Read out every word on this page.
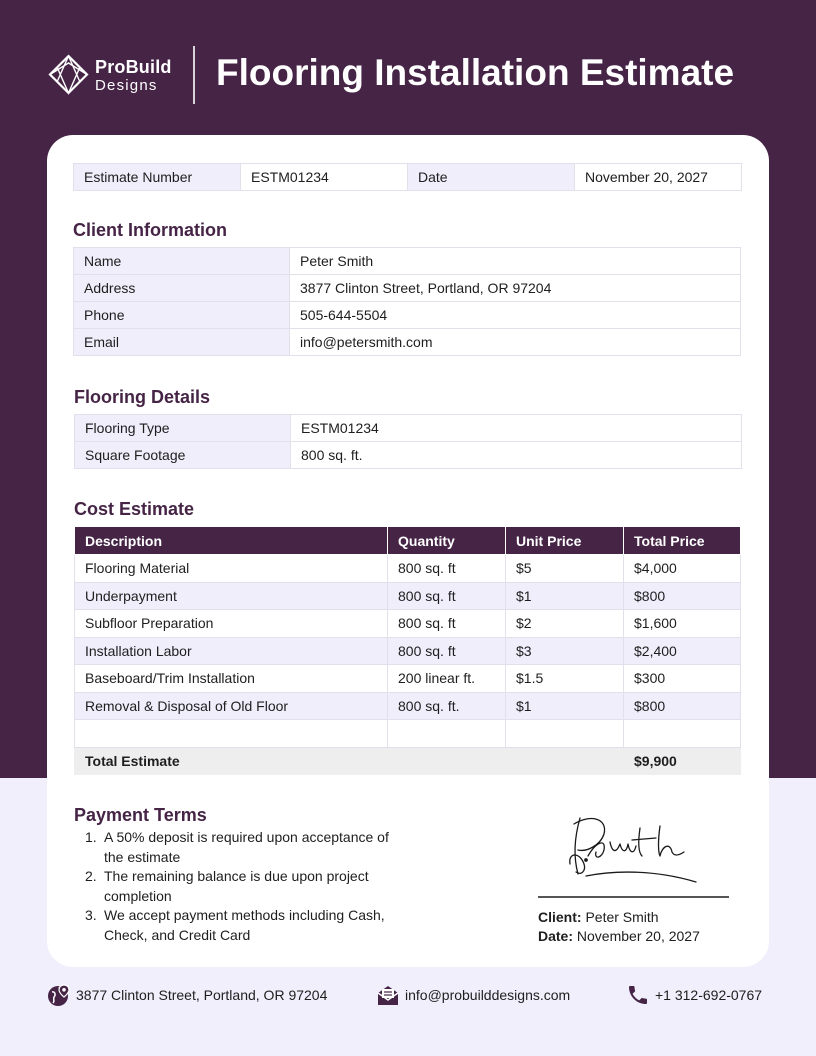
ProBuild
Designs Flooring Installation Estimate
Estimate Number	ESTM01234	Date	November 20, 2027
Client Information
Name	Peter Smith
Address	3877 Clinton Street, Portland, OR 97204
Phone	505-644-5504
Email	info@petersmith.com
Flooring Details
Flooring Type	ESTM01234
Square Footage	800 sq. ft.
Cost Estimate
Description	Quantity	Unit Price	Total Price
Flooring Material	800 sq. ft	$5	$4,000
Underpayment	800 sq. ft	$1	$800
Subfloor Preparation	800 sq. ft	$2	$1,600
Installation Labor	800 sq. ft	$3	$2,400
Baseboard/Trim Installation	200 linear ft.	$1.5	$300
Removal & Disposal of Old Floor	800 sq. ft.	$1	$800

Total Estimate			$9,900
Payment Terms
1. A 50% deposit is required upon acceptance of the estimate
2. The remaining balance is due upon project completion
3. We accept payment methods including Cash, Check, and Credit Card
Client: Peter Smith
Date: November 20, 2027
3877 Clinton Street, Portland, OR 97204	info@probuilddesigns.com	+1 312-692-0767
